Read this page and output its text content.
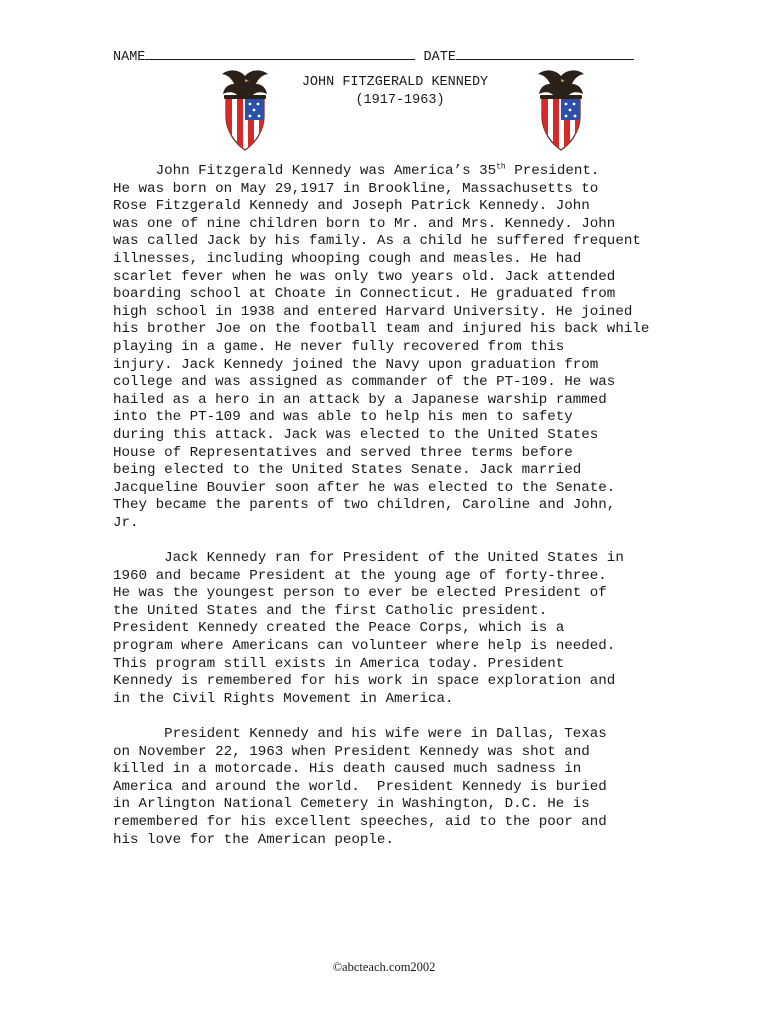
NAME	DATE
JOHN FITZGERALD KENNEDY
(1917-1963)
John Fitzgerald Kennedy was America’s 35th President.
He was born on May 29,1917 in Brookline, Massachusetts to
Rose Fitzgerald Kennedy and Joseph Patrick Kennedy. John
was one of nine children born to Mr. and Mrs. Kennedy. John
was called Jack by his family. As a child he suffered frequent
illnesses, including whooping cough and measles. He had
scarlet fever when he was only two years old. Jack attended
boarding school at Choate in Connecticut. He graduated from
high school in 1938 and entered Harvard University. He joined
his brother Joe on the football team and injured his back while
playing in a game. He never fully recovered from this
injury. Jack Kennedy joined the Navy upon graduation from
college and was assigned as commander of the PT-109. He was
hailed as a hero in an attack by a Japanese warship rammed
into the PT-109 and was able to help his men to safety
during this attack. Jack was elected to the United States
House of Representatives and served three terms before
being elected to the United States Senate. Jack married
Jacqueline Bouvier soon after he was elected to the Senate.
They became the parents of two children, Caroline and John,
Jr.
Jack Kennedy ran for President of the United States in
1960 and became President at the young age of forty-three.
He was the youngest person to ever be elected President of
the United States and the first Catholic president.
President Kennedy created the Peace Corps, which is a
program where Americans can volunteer where help is needed.
This program still exists in America today. President
Kennedy is remembered for his work in space exploration and
in the Civil Rights Movement in America.
President Kennedy and his wife were in Dallas, Texas
on November 22, 1963 when President Kennedy was shot and
killed in a motorcade. His death caused much sadness in
America and around the world.  President Kennedy is buried
in Arlington National Cemetery in Washington, D.C. He is
remembered for his excellent speeches, aid to the poor and
his love for the American people.
©abcteach.com2002
